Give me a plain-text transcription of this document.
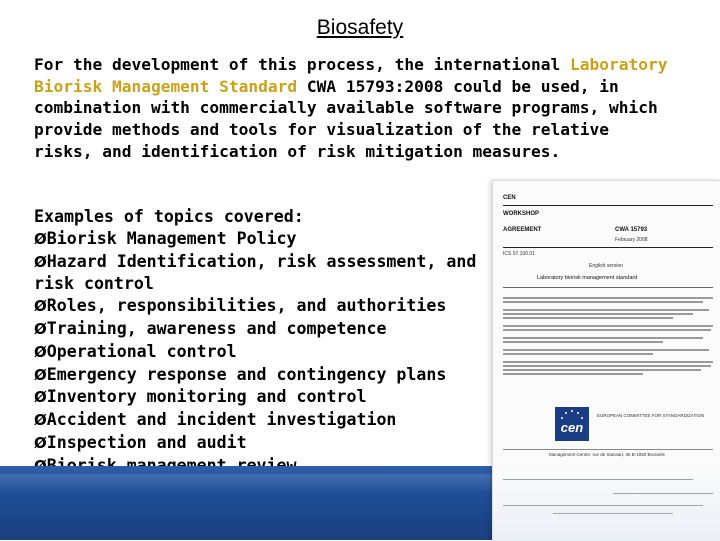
Biosafety
For the development of this process, the international Laboratory Biorisk Management Standard CWA 15793:2008 could be used, in combination with commercially available software programs, which provide methods and tools for visualization of the relative risks, and identification of risk mitigation measures.
Examples of topics covered:
ØBiorisk Management Policy
ØHazard Identification, risk assessment, and risk control
ØRoles, responsibilities, and authorities
ØTraining, awareness and competence
ØOperational control
ØEmergency response and contingency plans
ØInventory monitoring and control
ØAccident and incident investigation
ØInspection and audit
CEN
WORKSHOP
CWA 15793
February 2008
AGREEMENT
ICS 07.100.01
English version
Laboratory biorisk management standard
cen
EUROPEAN COMMITTEE FOR STANDARDIZATION
Management Centre: rue de Stassart, 36 B-1050 Brussels
